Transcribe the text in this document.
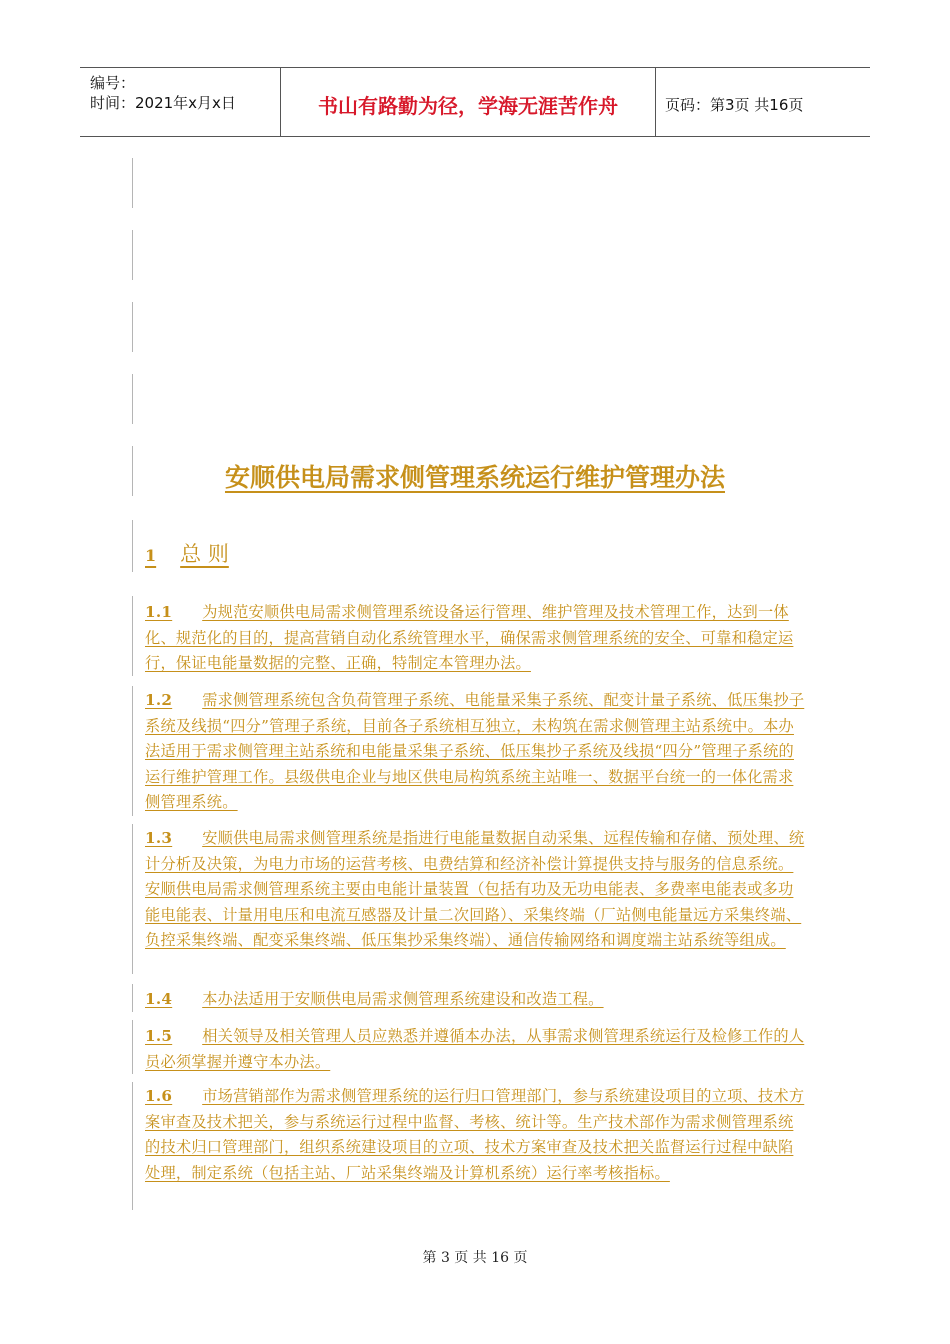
编号：
时间：2021年x月x日	书山有路勤为径，学海无涯苦作舟	页码：第3页 共16页
安顺供电局需求侧管理系统运行维护管理办法
1 总 则
1.1 为规范安顺供电局需求侧管理系统设备运行管理、维护管理及技术管理工作，达到一体化、规范化的目的，提高营销自动化系统管理水平，确保需求侧管理系统的安全、可靠和稳定运行，保证电能量数据的完整、正确，特制定本管理办法。
1.2 需求侧管理系统包含负荷管理子系统、电能量采集子系统、配变计量子系统、低压集抄子系统及线损“四分”管理子系统，目前各子系统相互独立，未构筑在需求侧管理主站系统中。本办法适用于需求侧管理主站系统和电能量采集子系统、低压集抄子系统及线损“四分”管理子系统的运行维护管理工作。县级供电企业与地区供电局构筑系统主站唯一、数据平台统一的一体化需求侧管理系统。
1.3 安顺供电局需求侧管理系统是指进行电能量数据自动采集、远程传输和存储、预处理、统计分析及决策，为电力市场的运营考核、电费结算和经济补偿计算提供支持与服务的信息系统。安顺供电局需求侧管理系统主要由电能计量装置（包括有功及无功电能表、多费率电能表或多功能电能表、计量用电压和电流互感器及计量二次回路）、采集终端（厂站侧电能量远方采集终端、负控采集终端、配变采集终端、低压集抄采集终端）、通信传输网络和调度端主站系统等组成。
1.4 本办法适用于安顺供电局需求侧管理系统建设和改造工程。
1.5 相关领导及相关管理人员应熟悉并遵循本办法，从事需求侧管理系统运行及检修工作的人员必须掌握并遵守本办法。
1.6 市场营销部作为需求侧管理系统的运行归口管理部门，参与系统建设项目的立项、技术方案审查及技术把关，参与系统运行过程中监督、考核、统计等。生产技术部作为需求侧管理系统的技术归口管理部门，组织系统建设项目的立项、技术方案审查及技术把关监督运行过程中缺陷处理，制定系统（包括主站、厂站采集终端及计算机系统）运行率考核指标。
第 3 页 共 16 页
